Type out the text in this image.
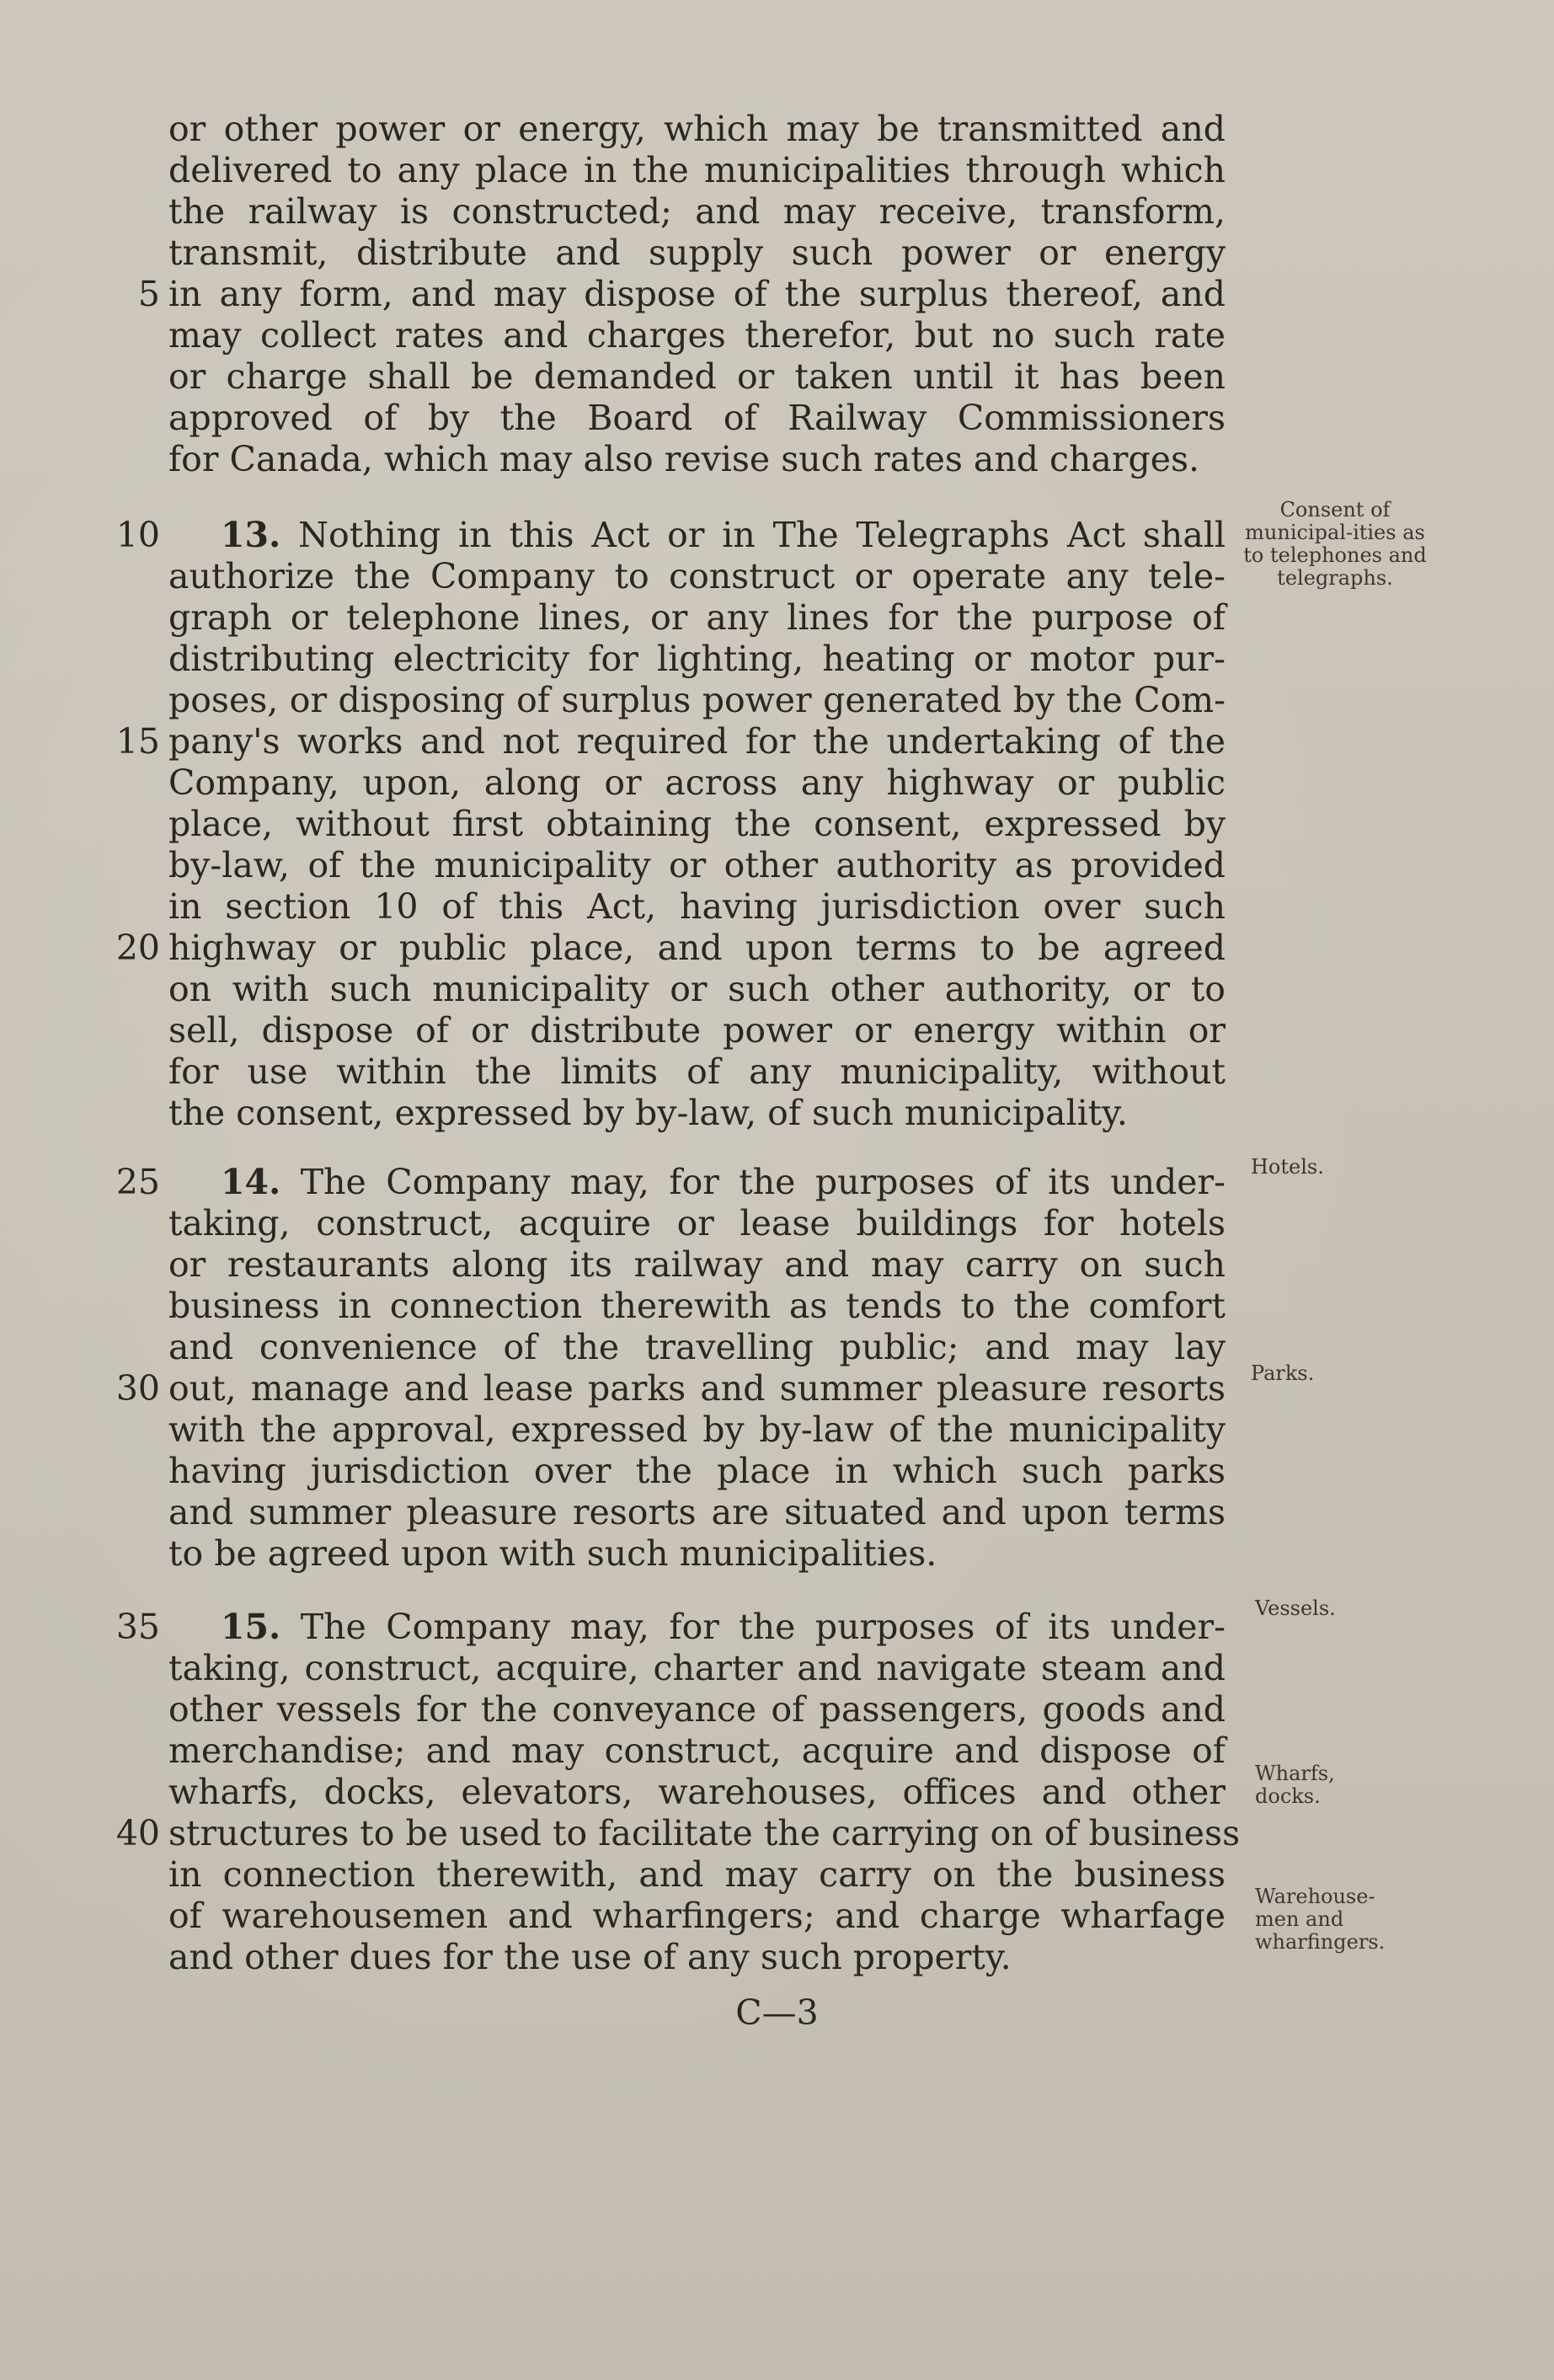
or other power or energy, which may be transmitted and
delivered to any place in the municipalities through which
the railway is constructed; and may receive, transform,
transmit, distribute and supply such power or energy
5 in any form, and may dispose of the surplus thereof, and
may collect rates and charges therefor, but no such rate
or charge shall be demanded or taken until it has been
approved of by the Board of Railway Commissioners
for Canada, which may also revise such rates and charges.
10	13. Nothing in this Act or in The Telegraphs Act shall
Consent of municipal-ities as to telephones and telegraphs.
authorize the Company to construct or operate any tele-
graph or telephone lines, or any lines for the purpose of
distributing electricity for lighting, heating or motor pur-
poses, or disposing of surplus power generated by the Com-
15 pany's works and not required for the undertaking of the
Company, upon, along or across any highway or public
place, without first obtaining the consent, expressed by
by-law, of the municipality or other authority as provided
in section 10 of this Act, having jurisdiction over such
20 highway or public place, and upon terms to be agreed
on with such municipality or such other authority, or to
sell, dispose of or distribute power or energy within or
for use within the limits of any municipality, without
the consent, expressed by by-law, of such municipality.
25	14. The Company may, for the purposes of its under- Hotels.
taking, construct, acquire or lease buildings for hotels
or restaurants along its railway and may carry on such
business in connection therewith as tends to the comfort
and convenience of the travelling public; and may lay
30 out, manage and lease parks and summer pleasure resorts Parks.
with the approval, expressed by by-law of the municipality
having jurisdiction over the place in which such parks
and summer pleasure resorts are situated and upon terms
to be agreed upon with such municipalities.
35	15. The Company may, for the purposes of its under- Vessels.
taking, construct, acquire, charter and navigate steam and
other vessels for the conveyance of passengers, goods and
merchandise; and may construct, acquire and dispose of
wharfs, docks, elevators, warehouses, offices and other Wharfs, docks.
40 structures to be used to facilitate the carrying on of business
in connection therewith, and may carry on the business
of warehousemen and wharfingers; and charge wharfage Warehouse-men and wharfingers.
and other dues for the use of any such property.
C—3
